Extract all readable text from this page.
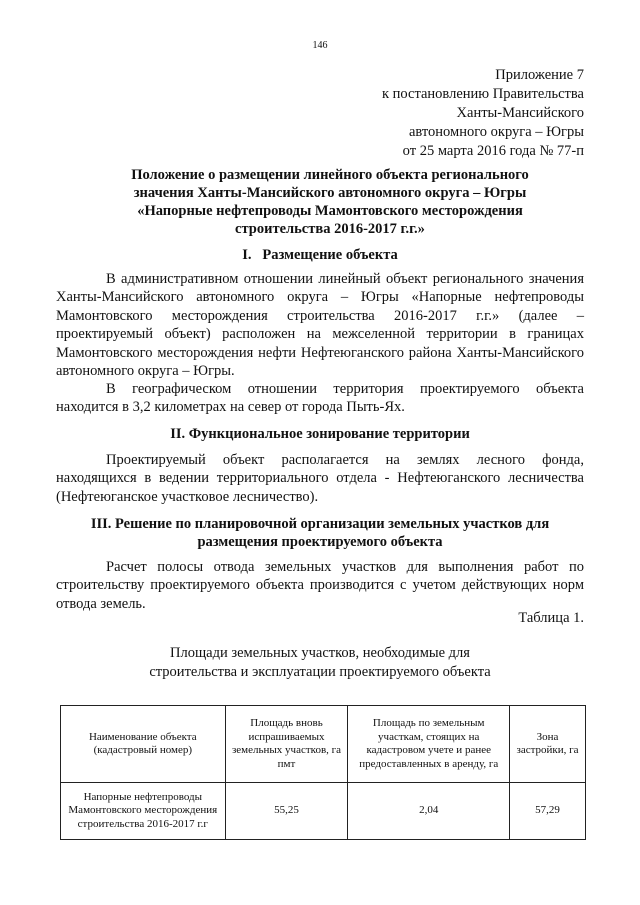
146
Приложение 7
к постановлению Правительства
Ханты-Мансийского
автономного округа – Югры
от 25 марта 2016 года № 77-п
Положение о размещении линейного объекта регионального
значения Ханты-Мансийского автономного округа – Югры
«Напорные нефтепроводы Мамонтовского месторождения
строительства 2016-2017 г.г.»
I.   Размещение объекта

В административном отношении линейный объект регионального значения Ханты-Мансийского автономного округа – Югры «Напорные нефтепроводы Мамонтовского месторождения строительства 2016-2017 г.г.» (далее – проектируемый объект) расположен на межселенной территории в границах Мамонтовского месторождения нефти Нефтеюганского района Ханты-Мансийского автономного округа – Югры.

В географическом отношении территория проектируемого объекта находится в 3,2 километрах на север от города Пыть-Ях.

II. Функциональное зонирование территории

Проектируемый объект располагается на землях лесного фонда, находящихся в ведении территориального отдела - Нефтеюганского лесничества (Нефтеюганское участковое лесничество).

III. Решение по планировочной организации земельных участков для
размещения проектируемого объекта

Расчет полосы отвода земельных участков для выполнения работ по строительству проектируемого объекта производится с учетом действующих норм отвода земель.

Таблица 1.
Площади земельных участков, необходимые для
строительства и эксплуатации проектируемого объекта
Наименование объекта (кадастровый номер)	Площадь вновь испрашиваемых земельных участков, га пмт	Площадь по земельным участкам, стоящих на кадастровом учете и ранее предоставленных в аренду, га	Зона застройки, га
Напорные нефтепроводы Мамонтовского месторождения строительства 2016-2017 г.г	55,25	2,04	57,29
